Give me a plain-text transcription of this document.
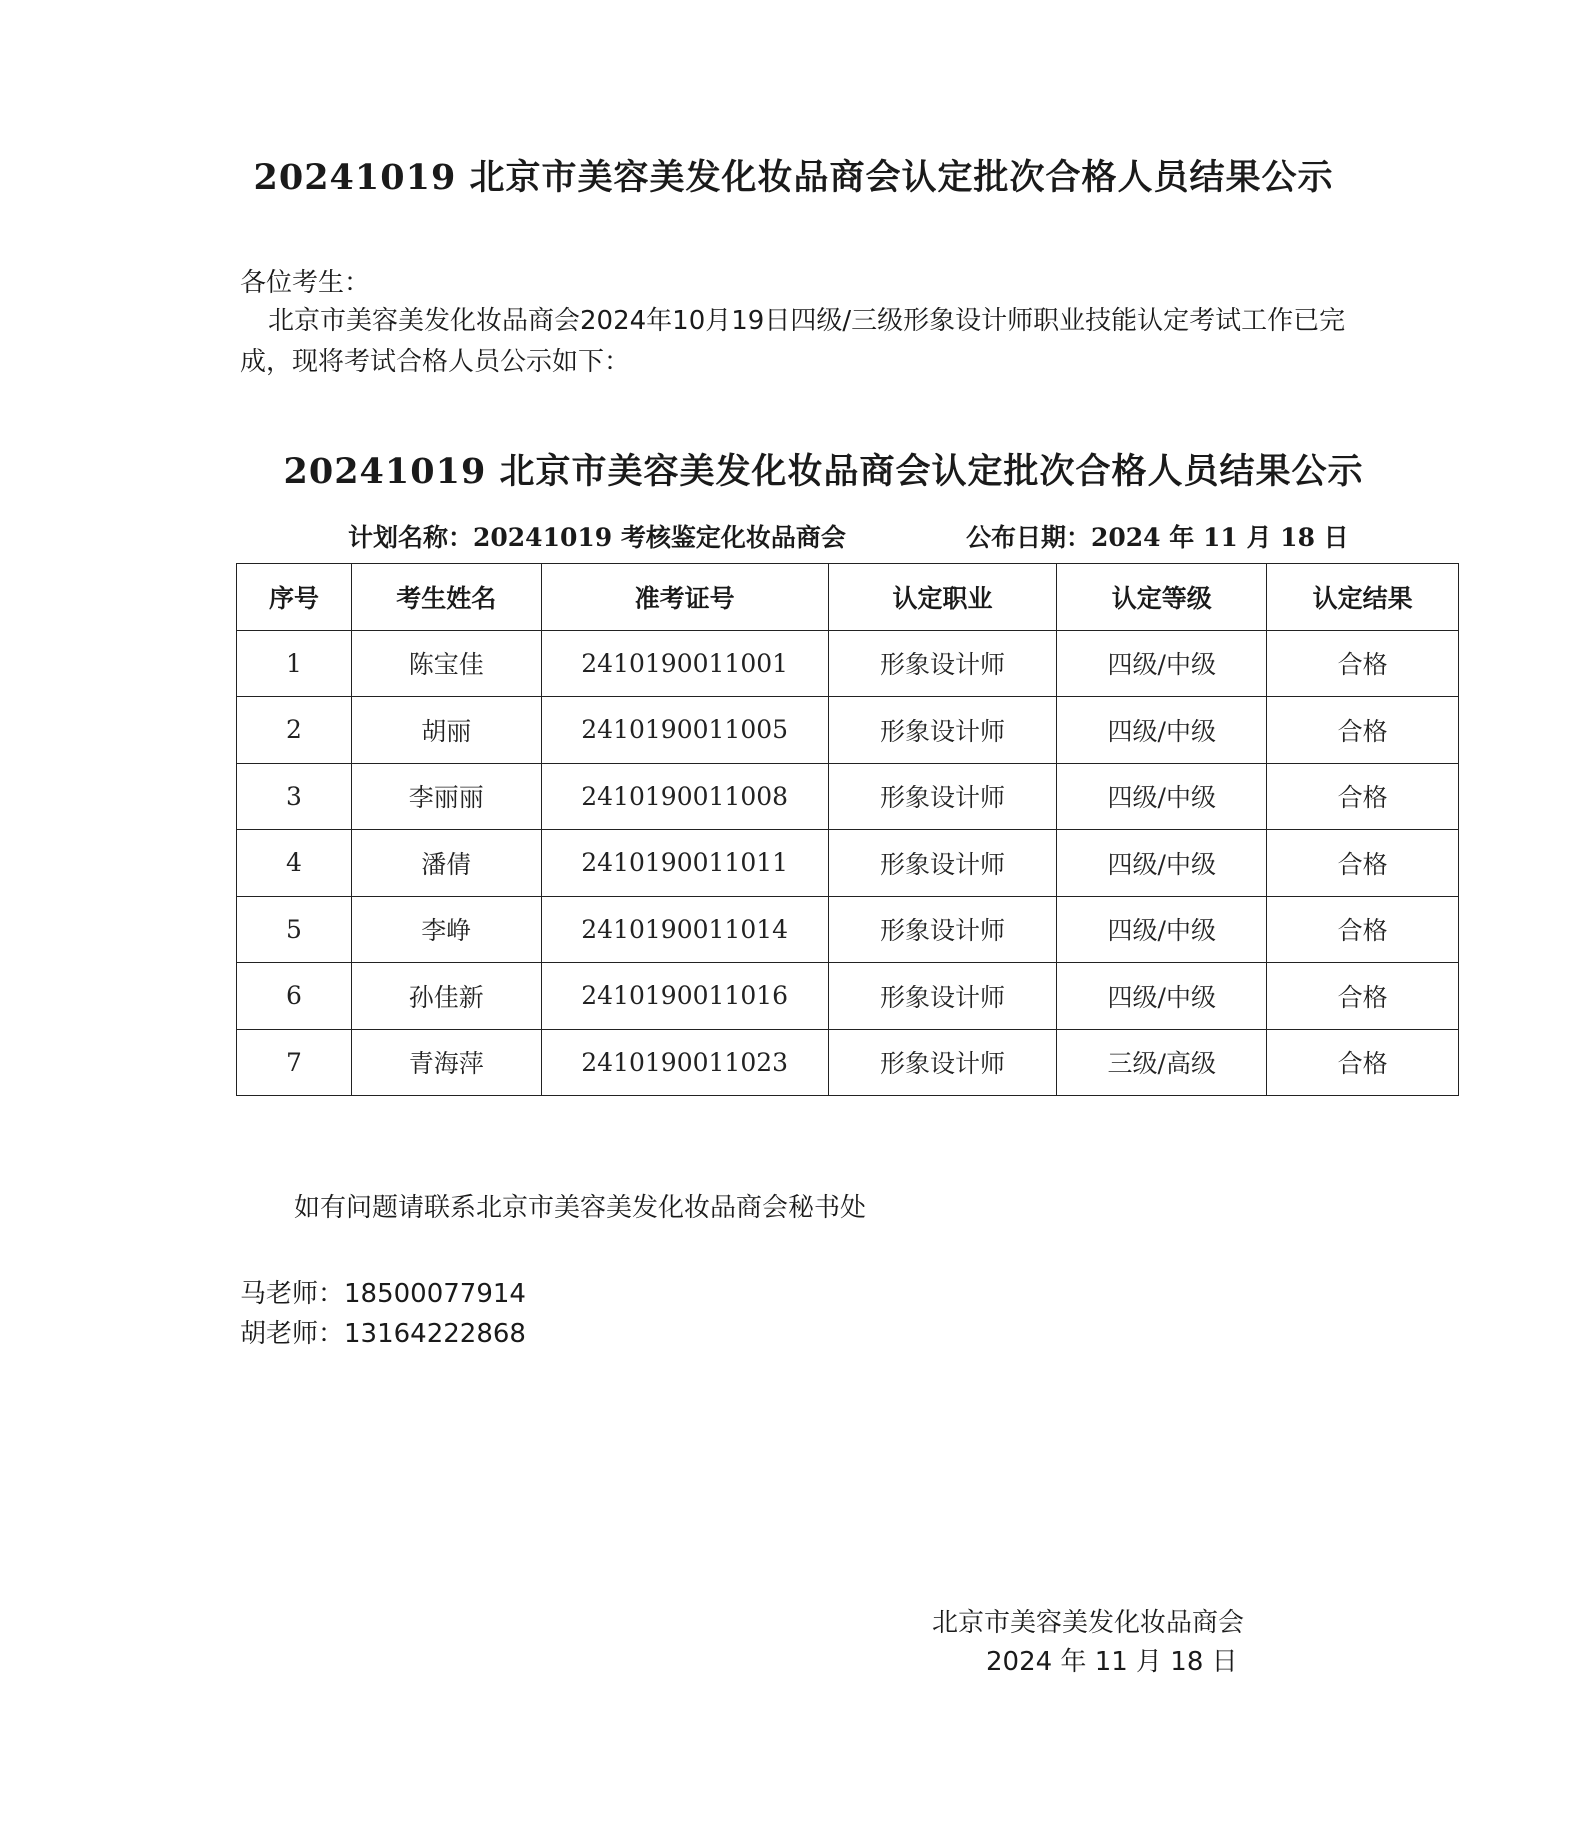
20241019 北京市美容美发化妆品商会认定批次合格人员结果公示
各位考生：
北京市美容美发化妆品商会2024年10月19日四级/三级形象设计师职业技能认定考试工作已完成，现将考试合格人员公示如下：
20241019 北京市美容美发化妆品商会认定批次合格人员结果公示
计划名称：20241019 考核鉴定化妆品商会	公布日期：2024 年 11 月 18 日
序号	考生姓名	准考证号	认定职业	认定等级	认定结果
1	陈宝佳	2410190011001	形象设计师	四级/中级	合格
2	胡丽	2410190011005	形象设计师	四级/中级	合格
3	李丽丽	2410190011008	形象设计师	四级/中级	合格
4	潘倩	2410190011011	形象设计师	四级/中级	合格
5	李峥	2410190011014	形象设计师	四级/中级	合格
6	孙佳新	2410190011016	形象设计师	四级/中级	合格
7	青海萍	2410190011023	形象设计师	三级/高级	合格
如有问题请联系北京市美容美发化妆品商会秘书处
马老师：18500077914
胡老师：13164222868
北京市美容美发化妆品商会
2024 年 11 月 18 日
